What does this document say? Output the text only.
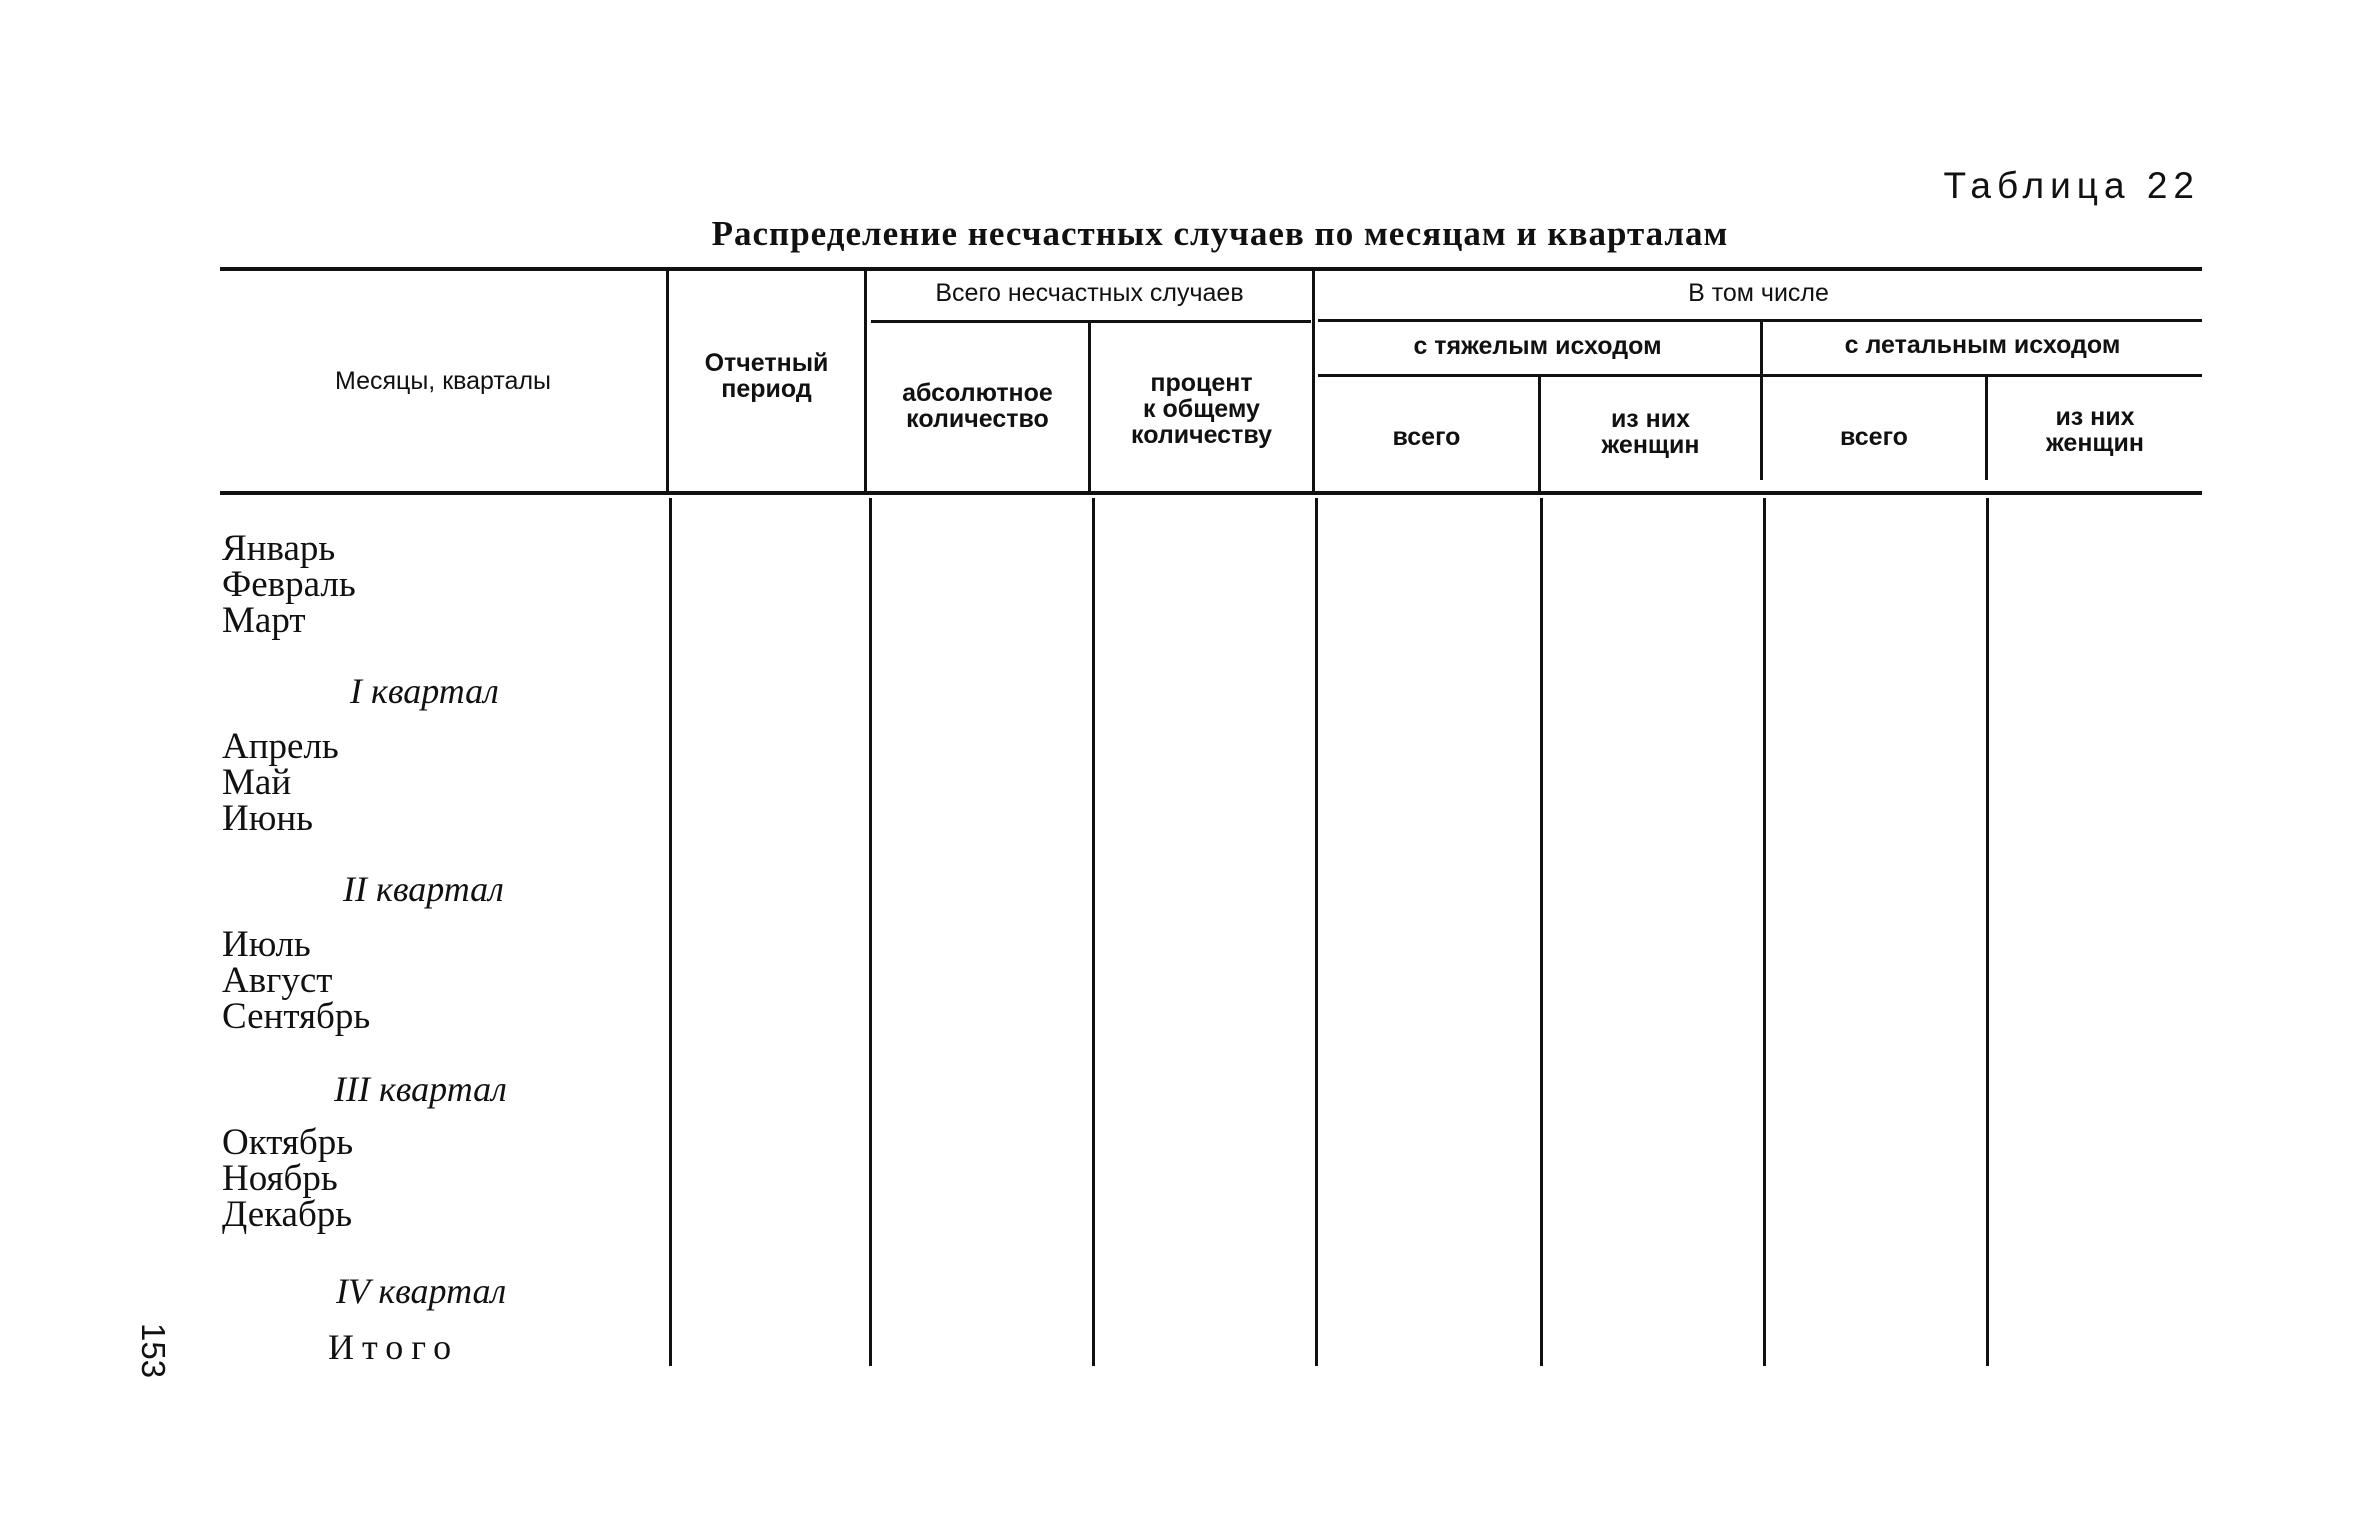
Таблица 22
Распределение несчастных случаев по месяцам и кварталам
Месяцы, кварталы
Отчетный
период
Всего несчастных случаев
абсолютное
количество
процент
к общему
количеству
В том числе
с тяжелым исходом	с летальным исходом
всего
из них
женщин	всего
из них
женщин
Январь
Февраль
Март
I квартал
Апрель
Май
Июнь
II квартал
Июль
Август
Сентябрь
III квартал
Октябрь
Ноябрь
Декабрь
IV квартал
Итого
153
